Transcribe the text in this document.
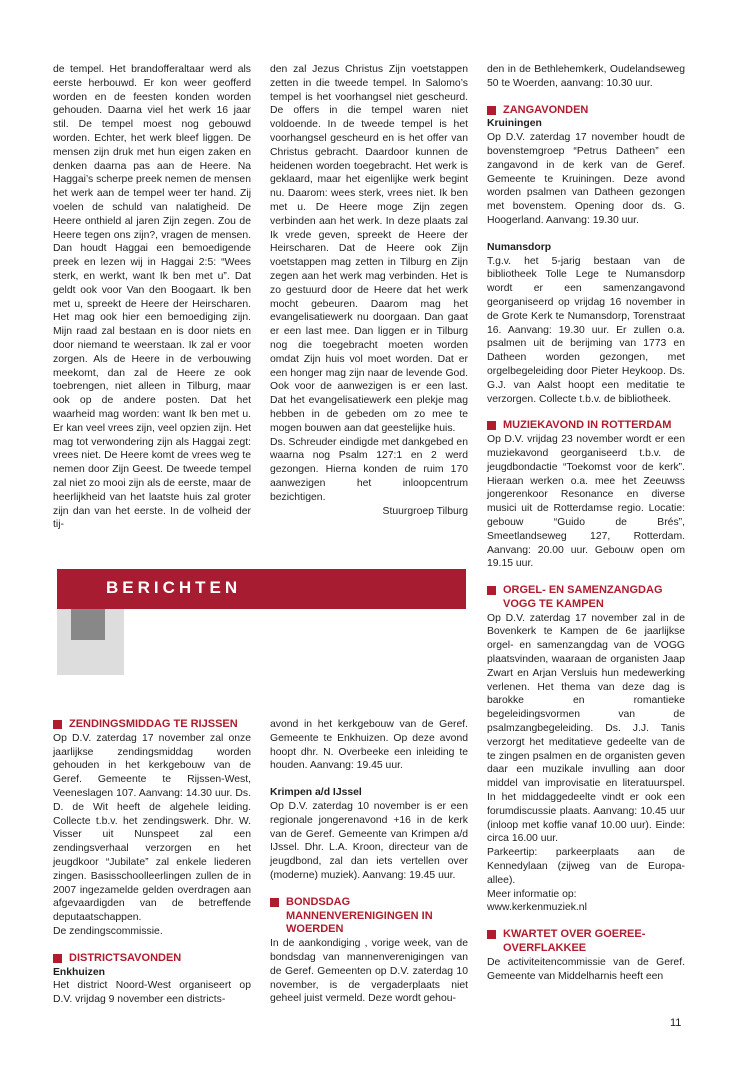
de tempel. Het brandofferaltaar werd als eerste herbouwd. Er kon weer geofferd worden en de feesten konden worden gehouden. Daarna viel het werk 16 jaar stil. De tempel moest nog gebouwd worden. Echter, het werk bleef liggen. De mensen zijn druk met hun eigen zaken en denken daarna pas aan de Heere. Na Haggai’s scherpe preek nemen de mensen het werk aan de tempel weer ter hand. Zij voelen de schuld van nalatigheid. De Heere onthield al jaren Zijn zegen. Zou de Heere tegen ons zijn?, vragen de mensen. Dan houdt Haggai een bemoedigende preek en lezen wij in Haggai 2:5: “Wees sterk, en werkt, want Ik ben met u”. Dat geldt ook voor Van den Boogaart. Ik ben met u, spreekt de Heere der Heirscharen. Het mag ook hier een bemoediging zijn. Mijn raad zal bestaan en is door niets en door niemand te weerstaan. Ik zal er voor zorgen. Als de Heere in de verbouwing meekomt, dan zal de Heere ze ook toebrengen, niet alleen in Tilburg, maar ook op de andere posten. Dat het waarheid mag worden: want Ik ben met u. Er kan veel vrees zijn, veel opzien zijn. Het mag tot verwondering zijn als Haggai zegt: vrees niet. De Heere komt de vrees weg te nemen door Zijn Geest. De tweede tempel zal niet zo mooi zijn als de eerste, maar de heerlijkheid van het laatste huis zal groter zijn dan van het eerste. In de volheid der tij-

den zal Jezus Christus Zijn voetstappen zetten in die tweede tempel. In Salomo’s tempel is het voorhangsel niet gescheurd. De offers in die tempel waren niet voldoende. In de tweede tempel is het voorhangsel gescheurd en is het offer van Christus gebracht. Daardoor kunnen de heidenen worden toegebracht. Het werk is geklaard, maar het eigenlijke werk begint nu. Daarom: wees sterk, vrees niet. Ik ben met u. De Heere moge Zijn zegen verbinden aan het werk. In deze plaats zal Ik vrede geven, spreekt de Heere der Heirscharen. Dat de Heere ook Zijn voetstappen mag zetten in Tilburg en Zijn zegen aan het werk mag verbinden. Het is zo gestuurd door de Heere dat het werk mocht gebeuren. Daarom mag het evangelisatiewerk nu doorgaan. Dan gaat er een last mee. Dan liggen er in Tilburg nog die toegebracht moeten worden omdat Zijn huis vol moet worden. Dat er een honger mag zijn naar de levende God. Ook voor de aanwezigen is er een last. Dat het evangelisatiewerk een plekje mag hebben in de gebeden om zo mee te mogen bouwen aan dat geestelijke huis.

Ds. Schreuder eindigde met dankgebed en waarna nog Psalm 127:1 en 2 werd gezongen. Hierna konden de ruim 170 aanwezigen het inloopcentrum bezichtigen.

Stuurgroep Tilburg

den in de Bethlehemkerk, Oudelandseweg 50 te Woerden, aanvang: 10.30 uur.

ZANGAVONDEN

Kruiningen

Op D.V. zaterdag 17 november houdt de bovenstemgroep “Petrus Datheen” een zangavond in de kerk van de Geref. Gemeente te Kruiningen. Deze avond worden psalmen van Datheen gezongen met bovenstem. Opening door ds. G. Hoogerland. Aanvang: 19.30 uur.

Numansdorp

T.g.v. het 5-jarig bestaan van de bibliotheek Tolle Lege te Numansdorp wordt er een samenzangavond georganiseerd op vrijdag 16 november in de Grote Kerk te Numansdorp, Torenstraat 16. Aanvang: 19.30 uur. Er zullen o.a. psalmen uit de berijming van 1773 en Datheen worden gezongen, met orgelbegeleiding door Pieter Heykoop. Ds. G.J. van Aalst hoopt een meditatie te verzorgen. Collecte t.b.v. de bibliotheek.

MUZIEKAVOND IN ROTTERDAM

Op D.V. vrijdag 23 november wordt er een muziekavond georganiseerd t.b.v. de jeugdbondactie “Toekomst voor de kerk”. Hieraan werken o.a. mee het Zeeuwss jongerenkoor Resonance en diverse musici uit de Rotterdamse regio. Locatie: gebouw “Guido de Brés”, Smeetlandseweg 127, Rotterdam. Aanvang: 20.00 uur. Gebouw open om 19.15 uur.

ORGEL- EN SAMENZANGDAG VOGG TE KAMPEN

Op D.V. zaterdag 17 november zal in de Bovenkerk te Kampen de 6e jaarlijkse orgel- en samenzangdag van de VOGG plaatsvinden, waaraan de organisten Jaap Zwart en Arjan Versluis hun medewerking verlenen. Het thema van deze dag is barokke en romantieke begeleidingsvormen van de psalmzangbegeleiding. Ds. J.J. Tanis verzorgt het meditatieve gedeelte van de te zingen psalmen en de organisten geven daar een muzikale invulling aan door middel van improvisatie en literatuurspel. In het middaggedeelte vindt er ook een forumdiscussie plaats. Aanvang: 10.45 uur (inloop met koffie vanaf 10.00 uur). Einde: circa 16.00 uur.

Parkeertip: parkeerplaats aan de Kennedylaan (zijweg van de Europa-allee).

Meer informatie op:

www.kerkenmuziek.nl

KWARTET OVER GOEREE-OVERFLAKKEE

De activiteitencommissie van de Geref. Gemeente van Middelharnis heeft een

BERICHTEN
ZENDINGSMIDDAG TE RIJSSEN

Op D.V. zaterdag 17 november zal onze jaarlijkse zendingsmiddag worden gehouden in het kerkgebouw van de Geref. Gemeente te Rijssen-West, Veeneslagen 107. Aanvang: 14.30 uur. Ds. D. de Wit heeft de algehele leiding. Collecte t.b.v. het zendingswerk. Dhr. W. Visser uit Nunspeet zal een zendingsverhaal verzorgen en het jeugdkoor “Jubilate” zal enkele liederen zingen. Basisschoolleerlingen zullen de in 2007 ingezamelde gelden overdragen aan afgevaardigden van de betreffende deputaatschappen.

De zendingscommissie.

DISTRICTSAVONDEN

Enkhuizen

Het district Noord-West organiseert op D.V. vrijdag 9 november een districts-

avond in het kerkgebouw van de Geref. Gemeente te Enkhuizen. Op deze avond hoopt dhr. N. Overbeeke een inleiding te houden. Aanvang: 19.45 uur.

Krimpen a/d IJssel

Op D.V. zaterdag 10 november is er een regionale jongerenavond +16 in de kerk van de Geref. Gemeente van Krimpen a/d IJssel. Dhr. L.A. Kroon, directeur van de jeugdbond, zal dan iets vertellen over (moderne) muziek). Aanvang: 19.45 uur.

BONDSDAG MANNENVERENIGINGEN IN WOERDEN

In de aankondiging , vorige week, van de bondsdag van mannenverenigingen van de Geref. Gemeenten op D.V. zaterdag 10 november, is de vergaderplaats niet geheel juist vermeld. Deze wordt gehou-

11
